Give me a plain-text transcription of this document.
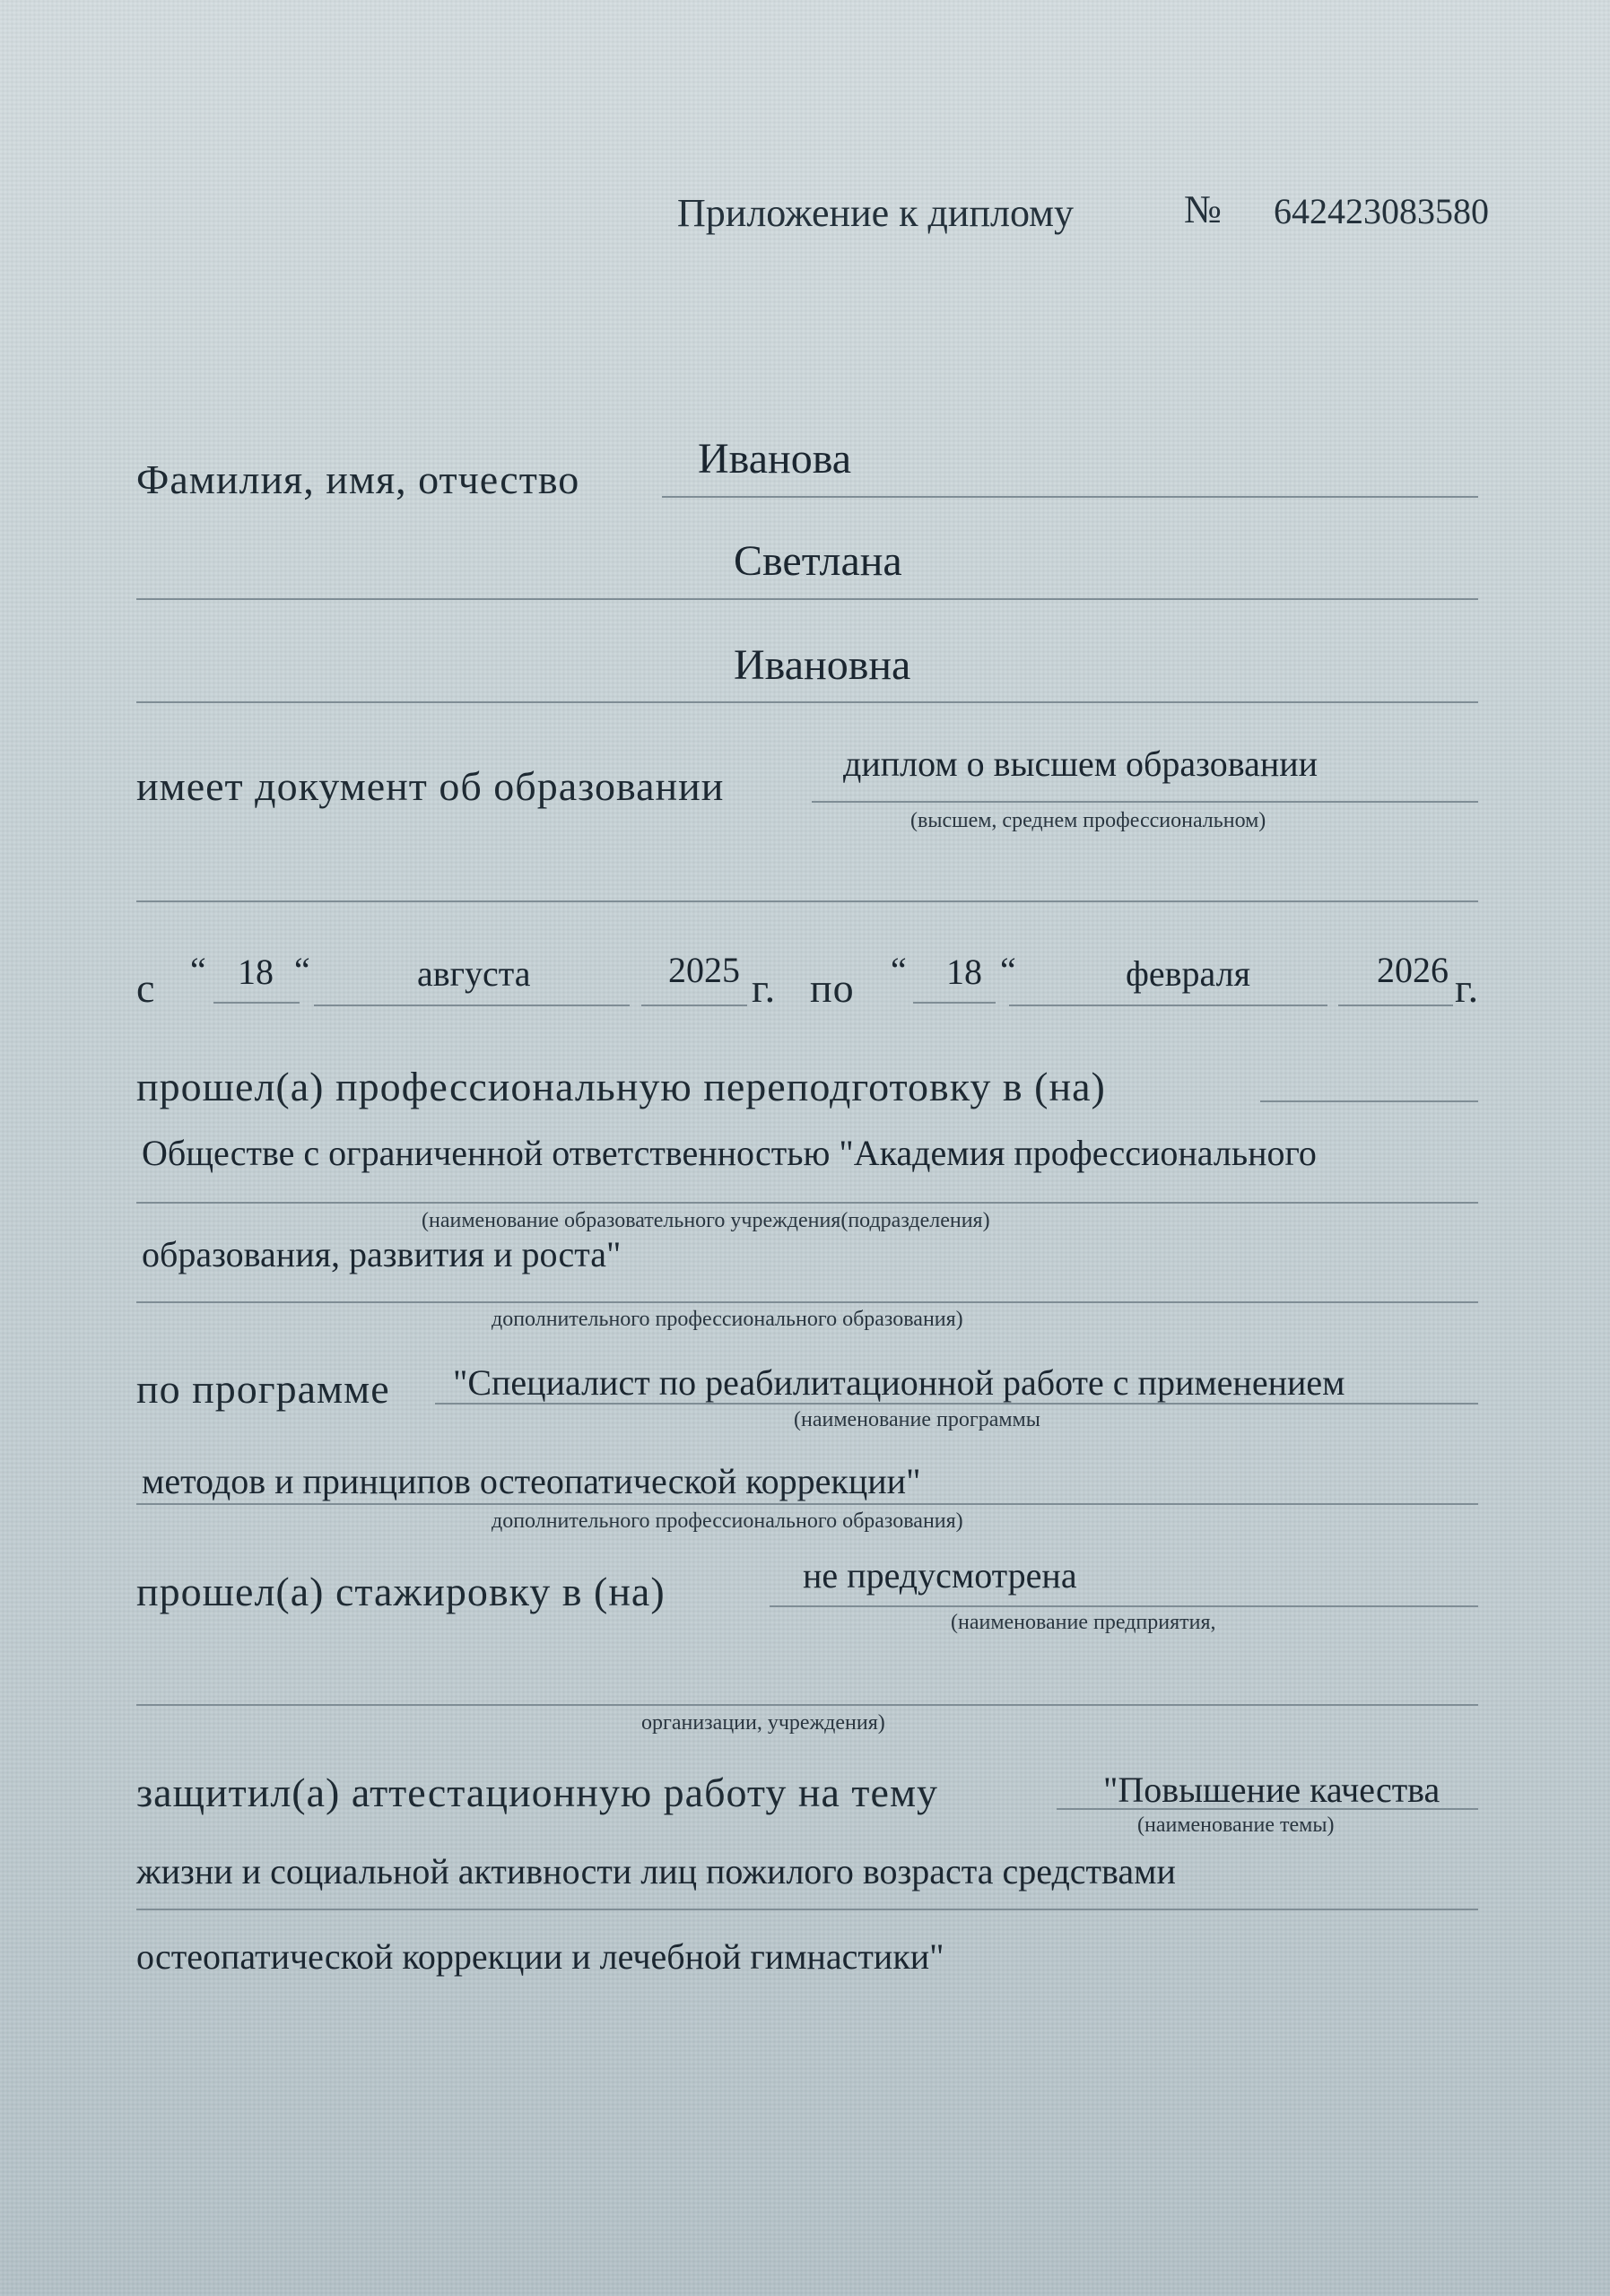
Приложение к диплому	№ 642423083580
Фамилия, имя, отчество	Иванова
Светлана
Ивановна
имеет документ об образовании	диплом о высшем образовании
(высшем, среднем профессиональном)
с “ 18 “	августа	2025 г. по “ 18 “	февраля	2026 г.
прошел(а) профессиональную переподготовку в (на)
Обществе с ограниченной ответственностью "Академия профессионального
(наименование образовательного учреждения(подразделения)
образования, развития и роста"
дополнительного профессионального образования)
по программе "Специалист по реабилитационной работе с применением
(наименование программы
методов и принципов остеопатической коррекции"
дополнительного профессионального образования)
прошел(а) стажировку в (на)	не предусмотрена
(наименование предприятия,
организации, учреждения)
защитил(а) аттестационную работу на тему	"Повышение качества
(наименование темы)
жизни и социальной активности лиц пожилого возраста средствами
остеопатической коррекции и лечебной гимнастики"
